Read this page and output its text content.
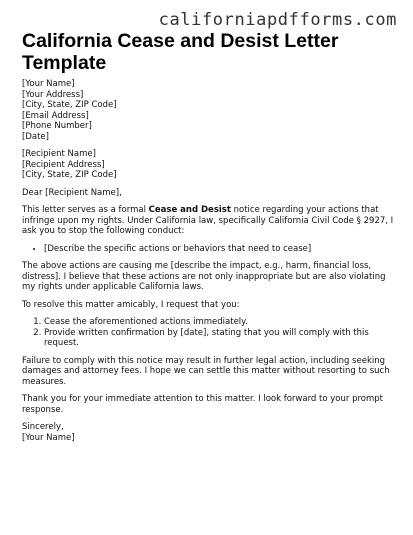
californiapdfforms.com
California Cease and Desist Letter Template

[Your Name]
[Your Address]
[City, State, ZIP Code]
[Email Address]
[Phone Number]
[Date]

[Recipient Name]
[Recipient Address]
[City, State, ZIP Code]

Dear [Recipient Name],

This letter serves as a formal Cease and Desist notice regarding your actions that infringe upon my rights. Under California law, specifically California Civil Code § 2927, I ask you to stop the following conduct:

• [Describe the specific actions or behaviors that need to cease]

The above actions are causing me [describe the impact, e.g., harm, financial loss, distress]. I believe that these actions are not only inappropriate but are also violating my rights under applicable California laws.

To resolve this matter amicably, I request that you:

1. Cease the aforementioned actions immediately.
2. Provide written confirmation by [date], stating that you will comply with this request.

Failure to comply with this notice may result in further legal action, including seeking damages and attorney fees. I hope we can settle this matter without resorting to such measures.

Thank you for your immediate attention to this matter. I look forward to your prompt response.

Sincerely,
[Your Name]
